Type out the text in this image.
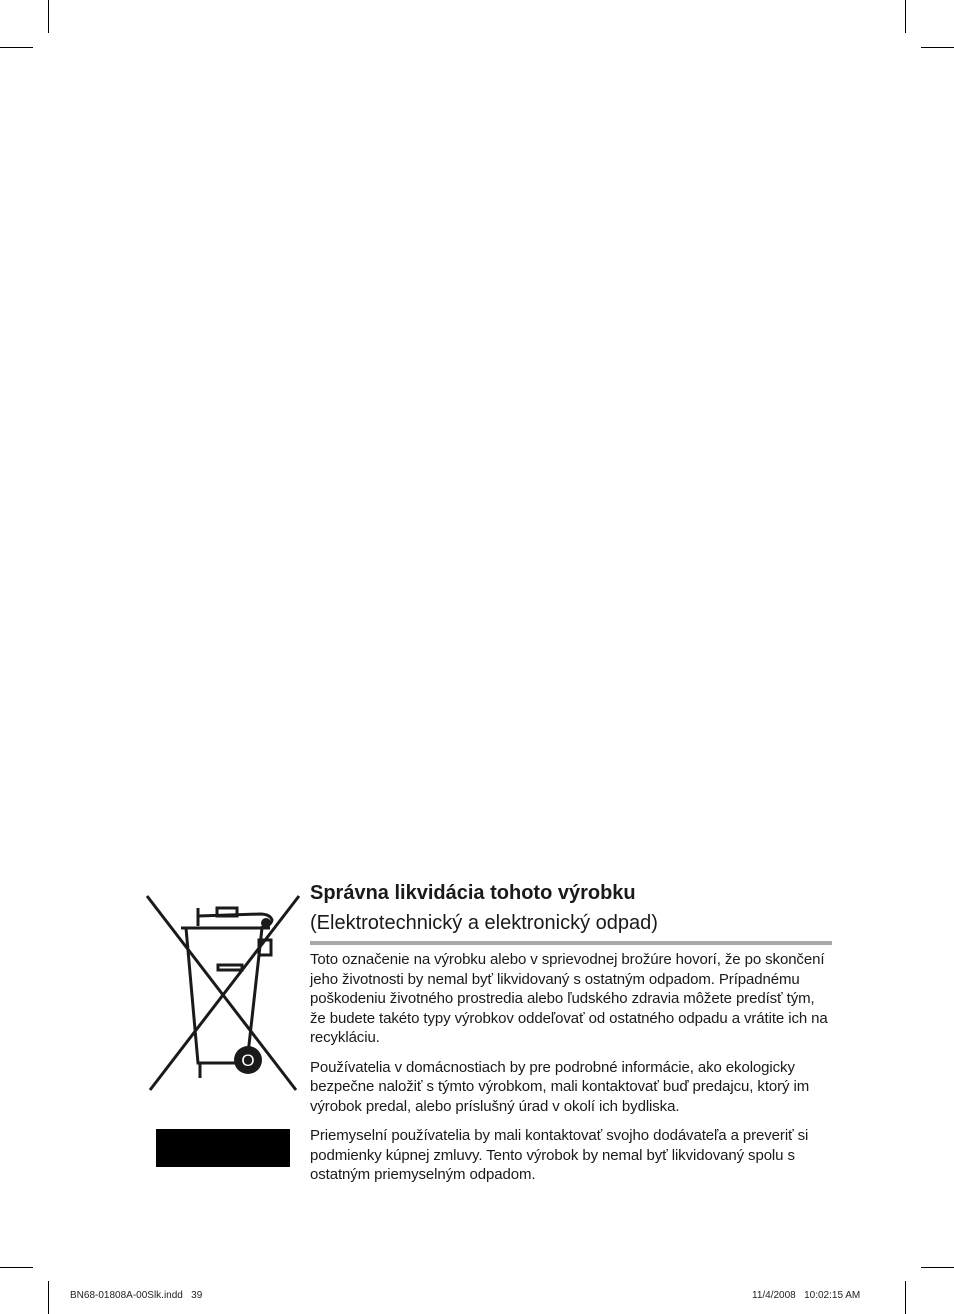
O
Správna likvidácia tohoto výrobku
(Elektrotechnický a elektronický odpad)

Toto označenie na výrobku alebo v sprievodnej brožúre hovorí, že po skončení jeho životnosti by nemal byť likvidovaný s ostatným odpadom. Prípadnému poškodeniu životného prostredia alebo ľudského zdravia môžete predísť tým, že budete takéto typy výrobkov oddeľovať od ostatného odpadu a vrátite ich na recykláciu.

Používatelia v domácnostiach by pre podrobné informácie, ako ekologicky bezpečne naložiť s týmto výrobkom, mali kontaktovať buď predajcu, ktorý im výrobok predal, alebo príslušný úrad v okolí ich bydliska.

Priemyselní používatelia by mali kontaktovať svojho dodávateľa a preveriť si podmienky kúpnej zmluvy. Tento výrobok by nemal byť likvidovaný spolu s ostatným priemyselným odpadom.

BN68-01808A-00Slk.indd   39	11/4/2008   10:02:15 AM
